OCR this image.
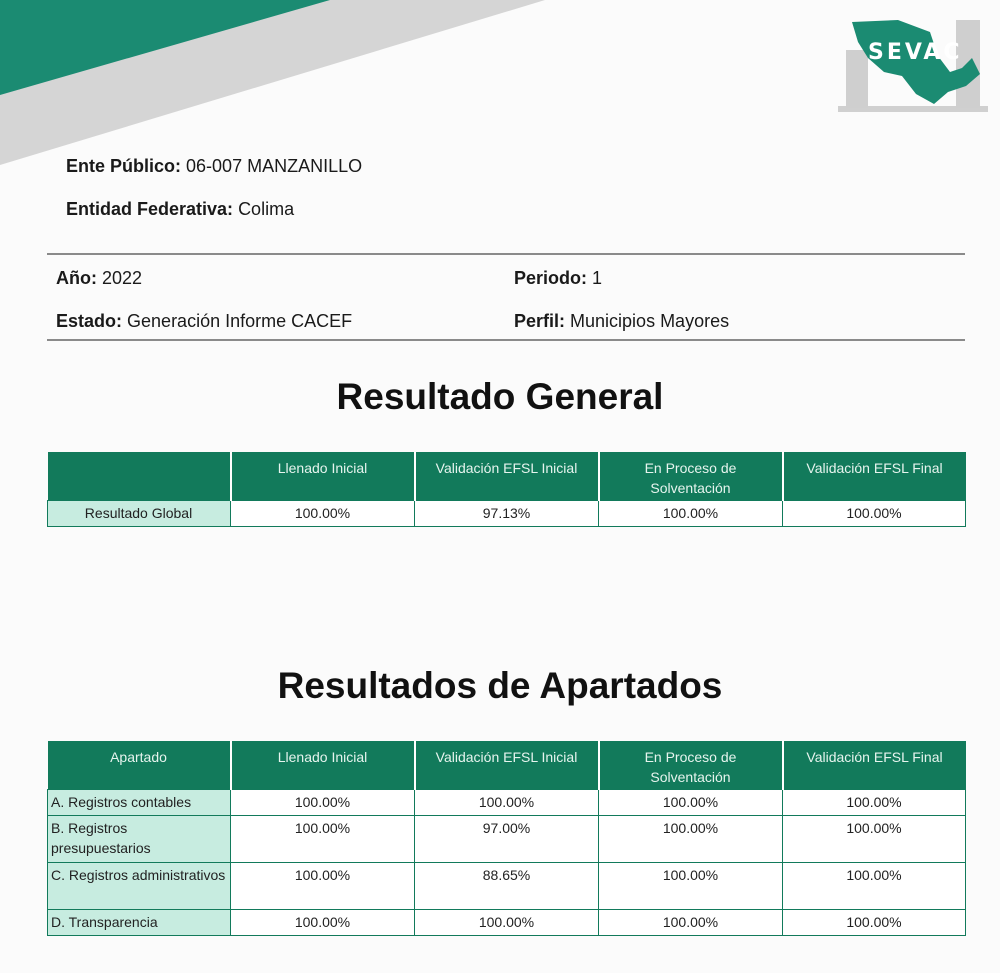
SEVAC
Ente Público: 06-007 MANZANILLO
Entidad Federativa: Colima
Año: 2022	Periodo: 1
Estado: Generación Informe CACEF	Perfil: Municipios Mayores
Resultado General
	Llenado Inicial	Validación EFSL Inicial	En Proceso de Solventación	Validación EFSL Final
Resultado Global	100.00%	97.13%	100.00%	100.00%
Resultados de Apartados
Apartado	Llenado Inicial	Validación EFSL Inicial	En Proceso de Solventación	Validación EFSL Final
A. Registros contables	100.00%	100.00%	100.00%	100.00%
B. Registros presupuestarios	100.00%	97.00%	100.00%	100.00%
C. Registros administrativos	100.00%	88.65%	100.00%	100.00%
D. Transparencia	100.00%	100.00%	100.00%	100.00%
